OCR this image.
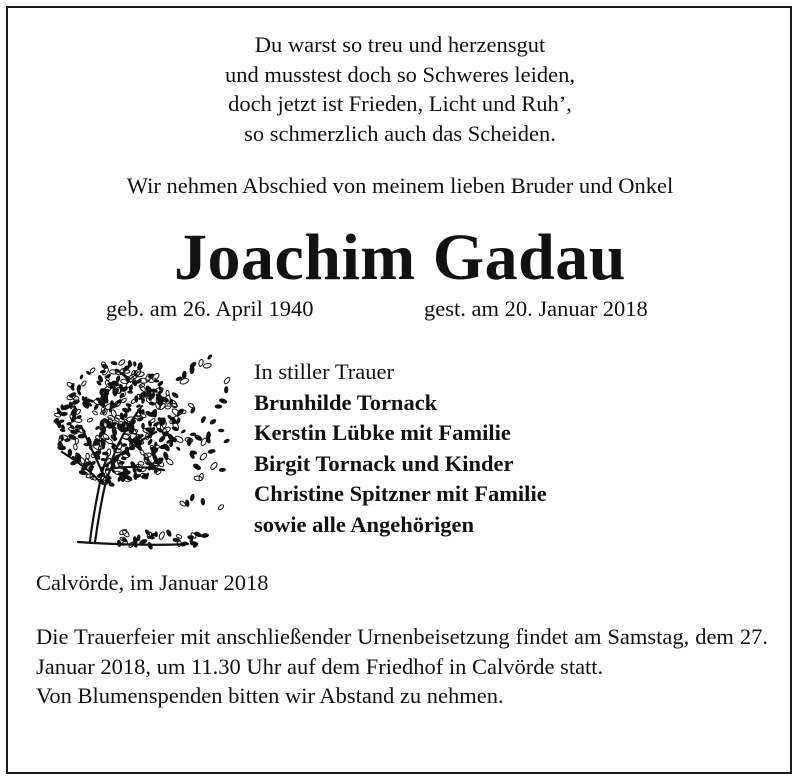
Du warst so treu und herzensgut
und musstest doch so Schweres leiden,
doch jetzt ist Frieden, Licht und Ruh’,
so schmerzlich auch das Scheiden.
Wir nehmen Abschied von meinem lieben Bruder und Onkel
Joachim Gadau
geb. am 26. April 1940	gest. am 20. Januar 2018
In stiller Trauer
Brunhilde Tornack
Kerstin Lübke mit Familie
Birgit Tornack und Kinder
Christine Spitzner mit Familie
sowie alle Angehörigen
Calvörde, im Januar 2018
Die Trauerfeier mit anschließender Urnenbeisetzung findet am Samstag, dem 27. Januar 2018, um 11.30 Uhr auf dem Friedhof in Calvörde statt.
Von Blumenspenden bitten wir Abstand zu nehmen.
